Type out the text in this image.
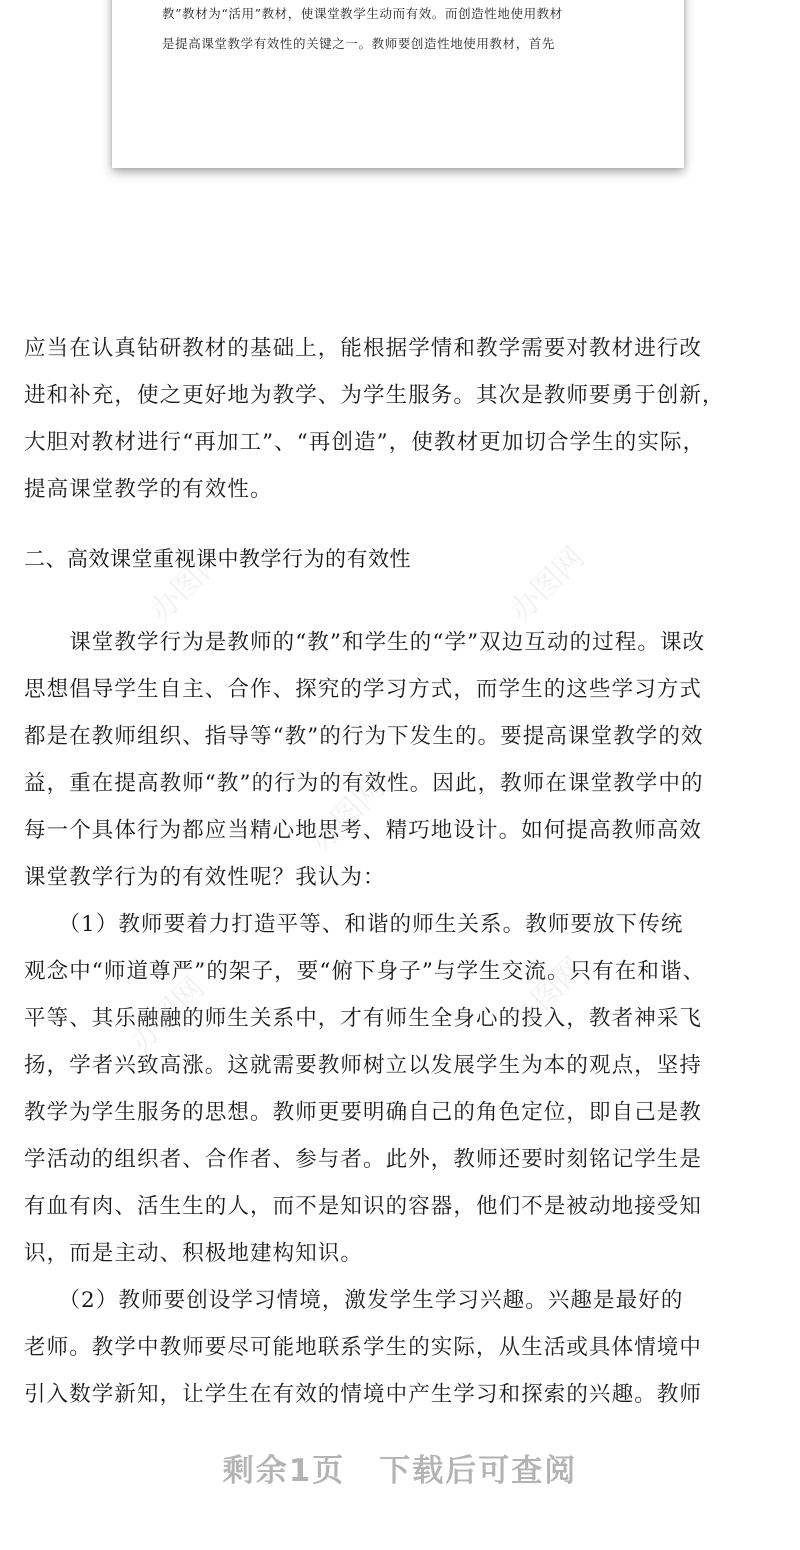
教”教材为“活用”教材，使课堂教学生动而有效。而创造性地使用教材
是提高课堂教学有效性的关键之一。教师要创造性地使用教材，首先
应当在认真钻研教材的基础上，能根据学情和教学需要对教材进行改
进和补充，使之更好地为教学、为学生服务。其次是教师要勇于创新，
大胆对教材进行“再加工”、“再创造”，使教材更加切合学生的实际，
提高课堂教学的有效性。
二、高效课堂重视课中教学行为的有效性
　　课堂教学行为是教师的“教”和学生的“学”双边互动的过程。课改
思想倡导学生自主、合作、探究的学习方式，而学生的这些学习方式
都是在教师组织、指导等“教”的行为下发生的。要提高课堂教学的效
益，重在提高教师“教”的行为的有效性。因此，教师在课堂教学中的
每一个具体行为都应当精心地思考、精巧地设计。如何提高教师高效
课堂教学行为的有效性呢？我认为：
　　（1）教师要着力打造平等、和谐的师生关系。教师要放下传统
观念中“师道尊严”的架子，要“俯下身子”与学生交流。只有在和谐、
平等、其乐融融的师生关系中，才有师生全身心的投入，教者神采飞
扬，学者兴致高涨。这就需要教师树立以发展学生为本的观点，坚持
教学为学生服务的思想。教师更要明确自己的角色定位，即自己是教
学活动的组织者、合作者、参与者。此外，教师还要时刻铭记学生是
有血有肉、活生生的人，而不是知识的容器，他们不是被动地接受知
识，而是主动、积极地建构知识。
　　（2）教师要创设学习情境，激发学生学习兴趣。兴趣是最好的
老师。教学中教师要尽可能地联系学生的实际，从生活或具体情境中
引入数学新知，让学生在有效的情境中产生学习和探索的兴趣。教师
办图网	办图网
办图网
办图网	办图网
剩余1页 下载后可查阅
